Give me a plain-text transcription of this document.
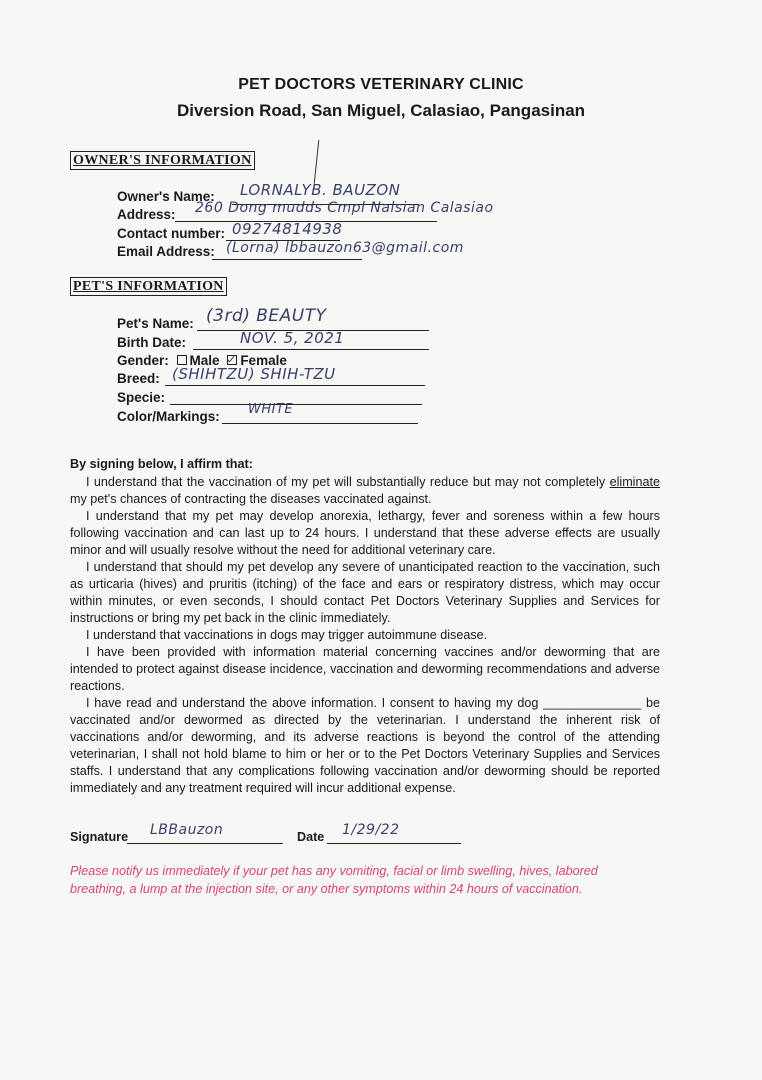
PET DOCTORS VETERINARY CLINIC
Diversion Road, San Miguel, Calasiao, Pangasinan
OWNER'S INFORMATION
Owner's Name: LORNALYB. BAUZON
Address: 260 Dong mudds Cmpl Nalsian Calasiao
Contact number: 09274814938
Email Address: (Lorna) lbbauzon63@gmail.com
PET'S INFORMATION
Pet's Name: (3rd) BEAUTY
Birth Date:	NOV. 5, 2021
Gender: Male Female
Breed: (SHIHTZU) SHIH-TZU
Specie:
Color/Markings: WHITE
By signing below, I affirm that:

I understand that the vaccination of my pet will substantially reduce but may not completely eliminate my pet's chances of contracting the diseases vaccinated against.

I understand that my pet may develop anorexia, lethargy, fever and soreness within a few hours following vaccination and can last up to 24 hours. I understand that these adverse effects are usually minor and will usually resolve without the need for additional veterinary care.

I understand that should my pet develop any severe of unanticipated reaction to the vaccination, such as urticaria (hives) and pruritis (itching) of the face and ears or respiratory distress, which may occur within minutes, or even seconds, I should contact Pet Doctors Veterinary Supplies and Services for instructions or bring my pet back in the clinic immediately.

I understand that vaccinations in dogs may trigger autoimmune disease.

I have been provided with information material concerning vaccines and/or deworming that are intended to protect against disease incidence, vaccination and deworming recommendations and adverse reactions.

I have read and understand the above information. I consent to having my dog ______________ be vaccinated and/or dewormed as directed by the veterinarian. I understand the inherent risk of vaccinations and/or deworming, and its adverse reactions is beyond the control of the attending veterinarian, I shall not hold blame to him or her or to the Pet Doctors Veterinary Supplies and Services staffs. I understand that any complications following vaccination and/or deworming should be reported immediately and any treatment required will incur additional expense.

Signature LBBauzon	Date 1/29/22
Please notify us immediately if your pet has any vomiting, facial or limb swelling, hives, labored breathing, a lump at the injection site, or any other symptoms within 24 hours of vaccination.
